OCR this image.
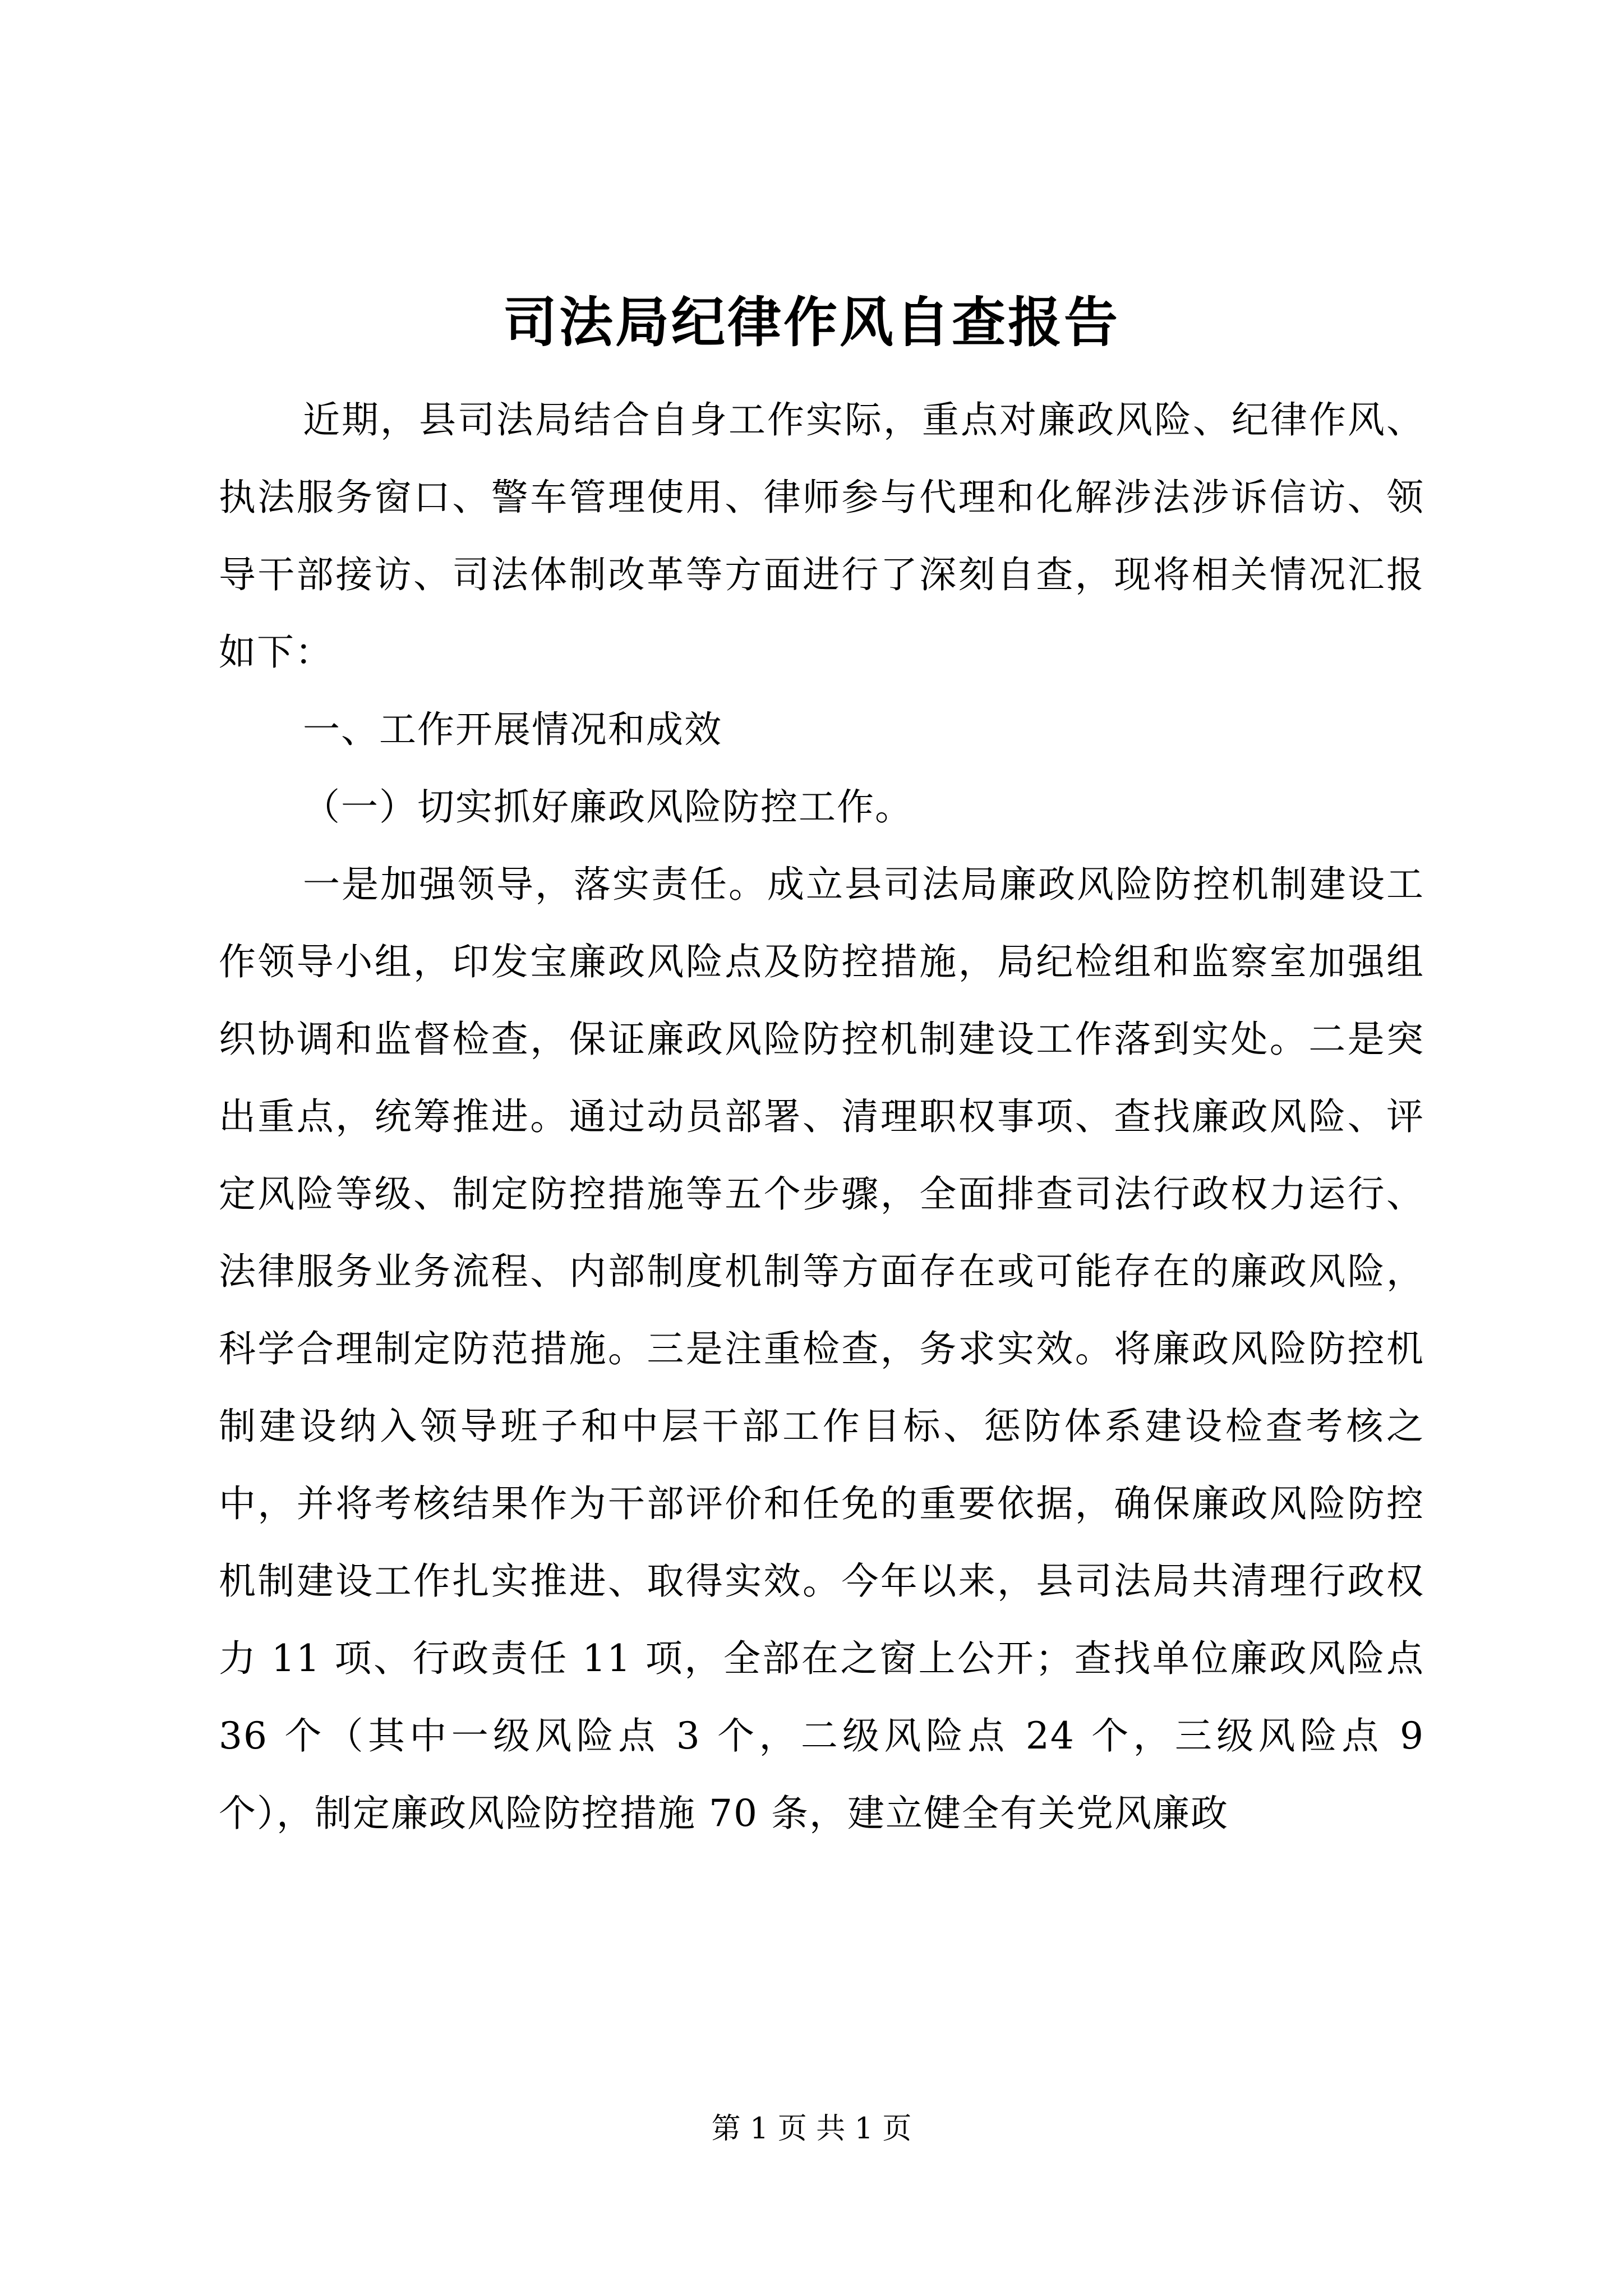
司法局纪律作风自查报告

近期，县司法局结合自身工作实际，重点对廉政风险、纪律作风、执法服务窗口、警车管理使用、律师参与代理和化解涉法涉诉信访、领导干部接访、司法体制改革等方面进行了深刻自查，现将相关情况汇报如下：

一、工作开展情况和成效

（一）切实抓好廉政风险防控工作。

一是加强领导，落实责任。成立县司法局廉政风险防控机制建设工作领导小组，印发宝廉政风险点及防控措施，局纪检组和监察室加强组织协调和监督检查，保证廉政风险防控机制建设工作落到实处。二是突出重点，统筹推进。通过动员部署、清理职权事项、查找廉政风险、评定风险等级、制定防控措施等五个步骤，全面排查司法行政权力运行、法律服务业务流程、内部制度机制等方面存在或可能存在的廉政风险，科学合理制定防范措施。三是注重检查，务求实效。将廉政风险防控机制建设纳入领导班子和中层干部工作目标、惩防体系建设检查考核之中，并将考核结果作为干部评价和任免的重要依据，确保廉政风险防控机制建设工作扎实推进、取得实效。今年以来，县司法局共清理行政权力 11 项、行政责任 11 项，全部在之窗上公开；查找单位廉政风险点 36 个（其中一级风险点 3 个，二级风险点 24 个，三级风险点 9 个），制定廉政风险防控措施 70 条，建立健全有关党风廉政

第 1 页 共 1 页
